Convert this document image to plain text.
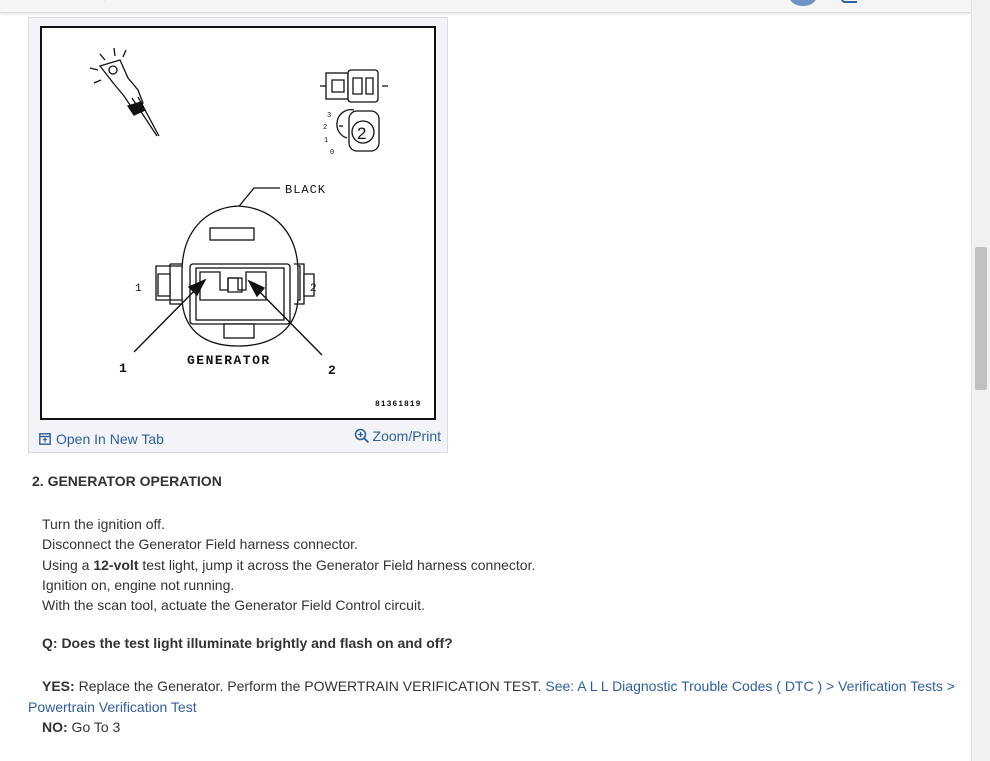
3
2
1
0
2
BLACK
1	2
1
GENERATOR
2
81361819
Open In New Tab	Zoom/Print
2. GENERATOR OPERATION
Turn the ignition off.
Disconnect the Generator Field harness connector.
Using a 12-volt test light, jump it across the Generator Field harness connector.
Ignition on, engine not running.
With the scan tool, actuate the Generator Field Control circuit.
Q: Does the test light illuminate brightly and flash on and off?
YES: Replace the Generator. Perform the POWERTRAIN VERIFICATION TEST. See: A L L Diagnostic Trouble Codes ( DTC ) > Verification Tests > Powertrain Verification Test
NO: Go To 3
